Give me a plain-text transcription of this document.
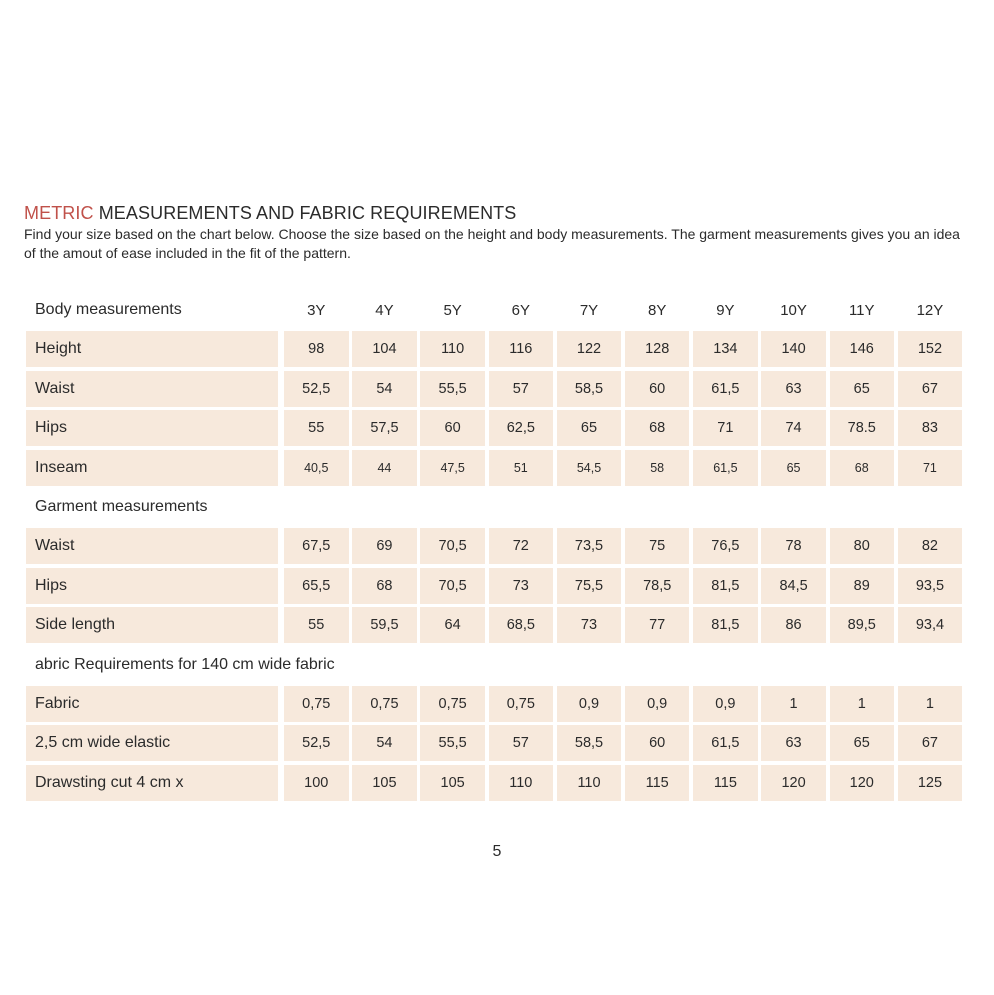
METRIC MEASUREMENTS AND FABRIC REQUIREMENTS
Find your size based on the chart below. Choose the size based on the height and body measurements. The garment measurements gives you an idea of the amout of ease included in the fit of the pattern.
Body measurements	3Y	4Y	5Y	6Y	7Y	8Y	9Y	10Y	11Y	12Y
Height	98	104	110	116	122	128	134	140	146	152
Waist	52,5	54	55,5	57	58,5	60	61,5	63	65	67
Hips	55	57,5	60	62,5	65	68	71	74	78.5	83
Inseam	40,5	44	47,5	51	54,5	58	61,5	65	68	71
Garment measurements
Waist	67,5	69	70,5	72	73,5	75	76,5	78	80	82
Hips	65,5	68	70,5	73	75,5	78,5	81,5	84,5	89	93,5
Side length	55	59,5	64	68,5	73	77	81,5	86	89,5	93,4
abric Requirements for 140 cm wide fabric
Fabric	0,75	0,75	0,75	0,75	0,9	0,9	0,9	1	1	1
2,5 cm wide elastic	52,5	54	55,5	57	58,5	60	61,5	63	65	67
Drawsting cut 4 cm x	100	105	105	110	110	115	115	120	120	125
5
